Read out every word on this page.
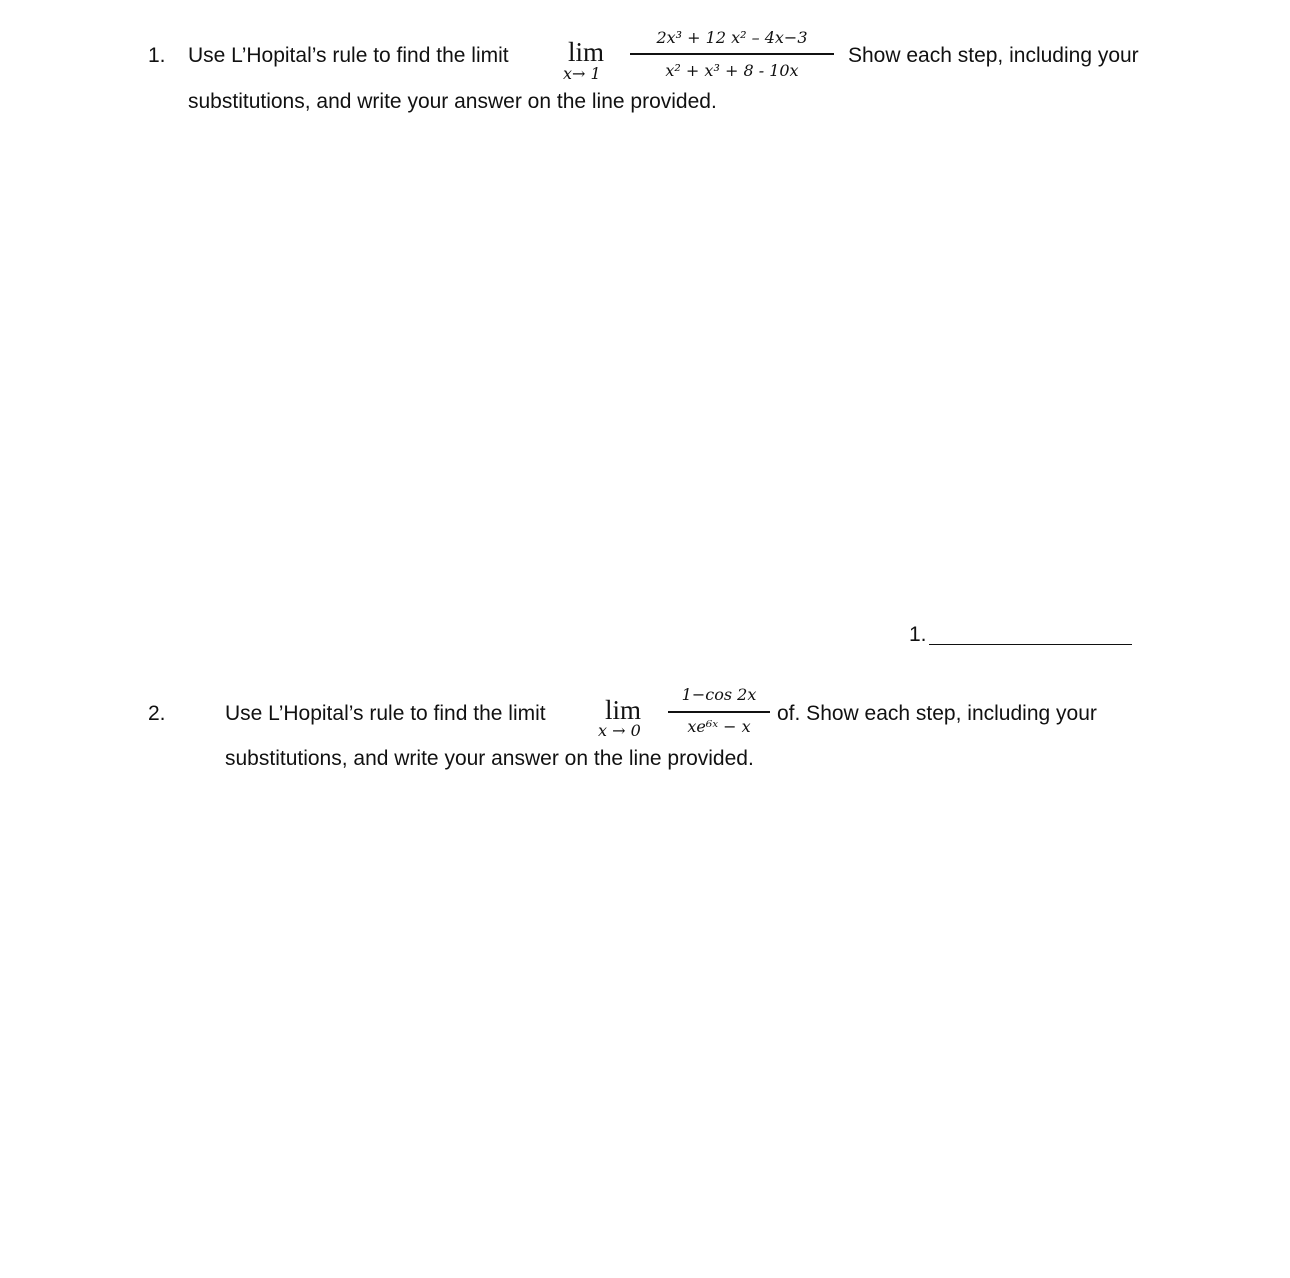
1. Use L’Hopital’s rule to find the limit lim
x→ 1
2x³ + 12 x² – 4x−3
x² + x³ + 8 - 10x
Show each step, including your
substitutions, and write your answer on the line provided.
1.
2.	Use L’Hopital’s rule to find the limit lim
x → 0
1−cos 2x
xe⁶ˣ − x
of. Show each step, including your
substitutions, and write your answer on the line provided.
